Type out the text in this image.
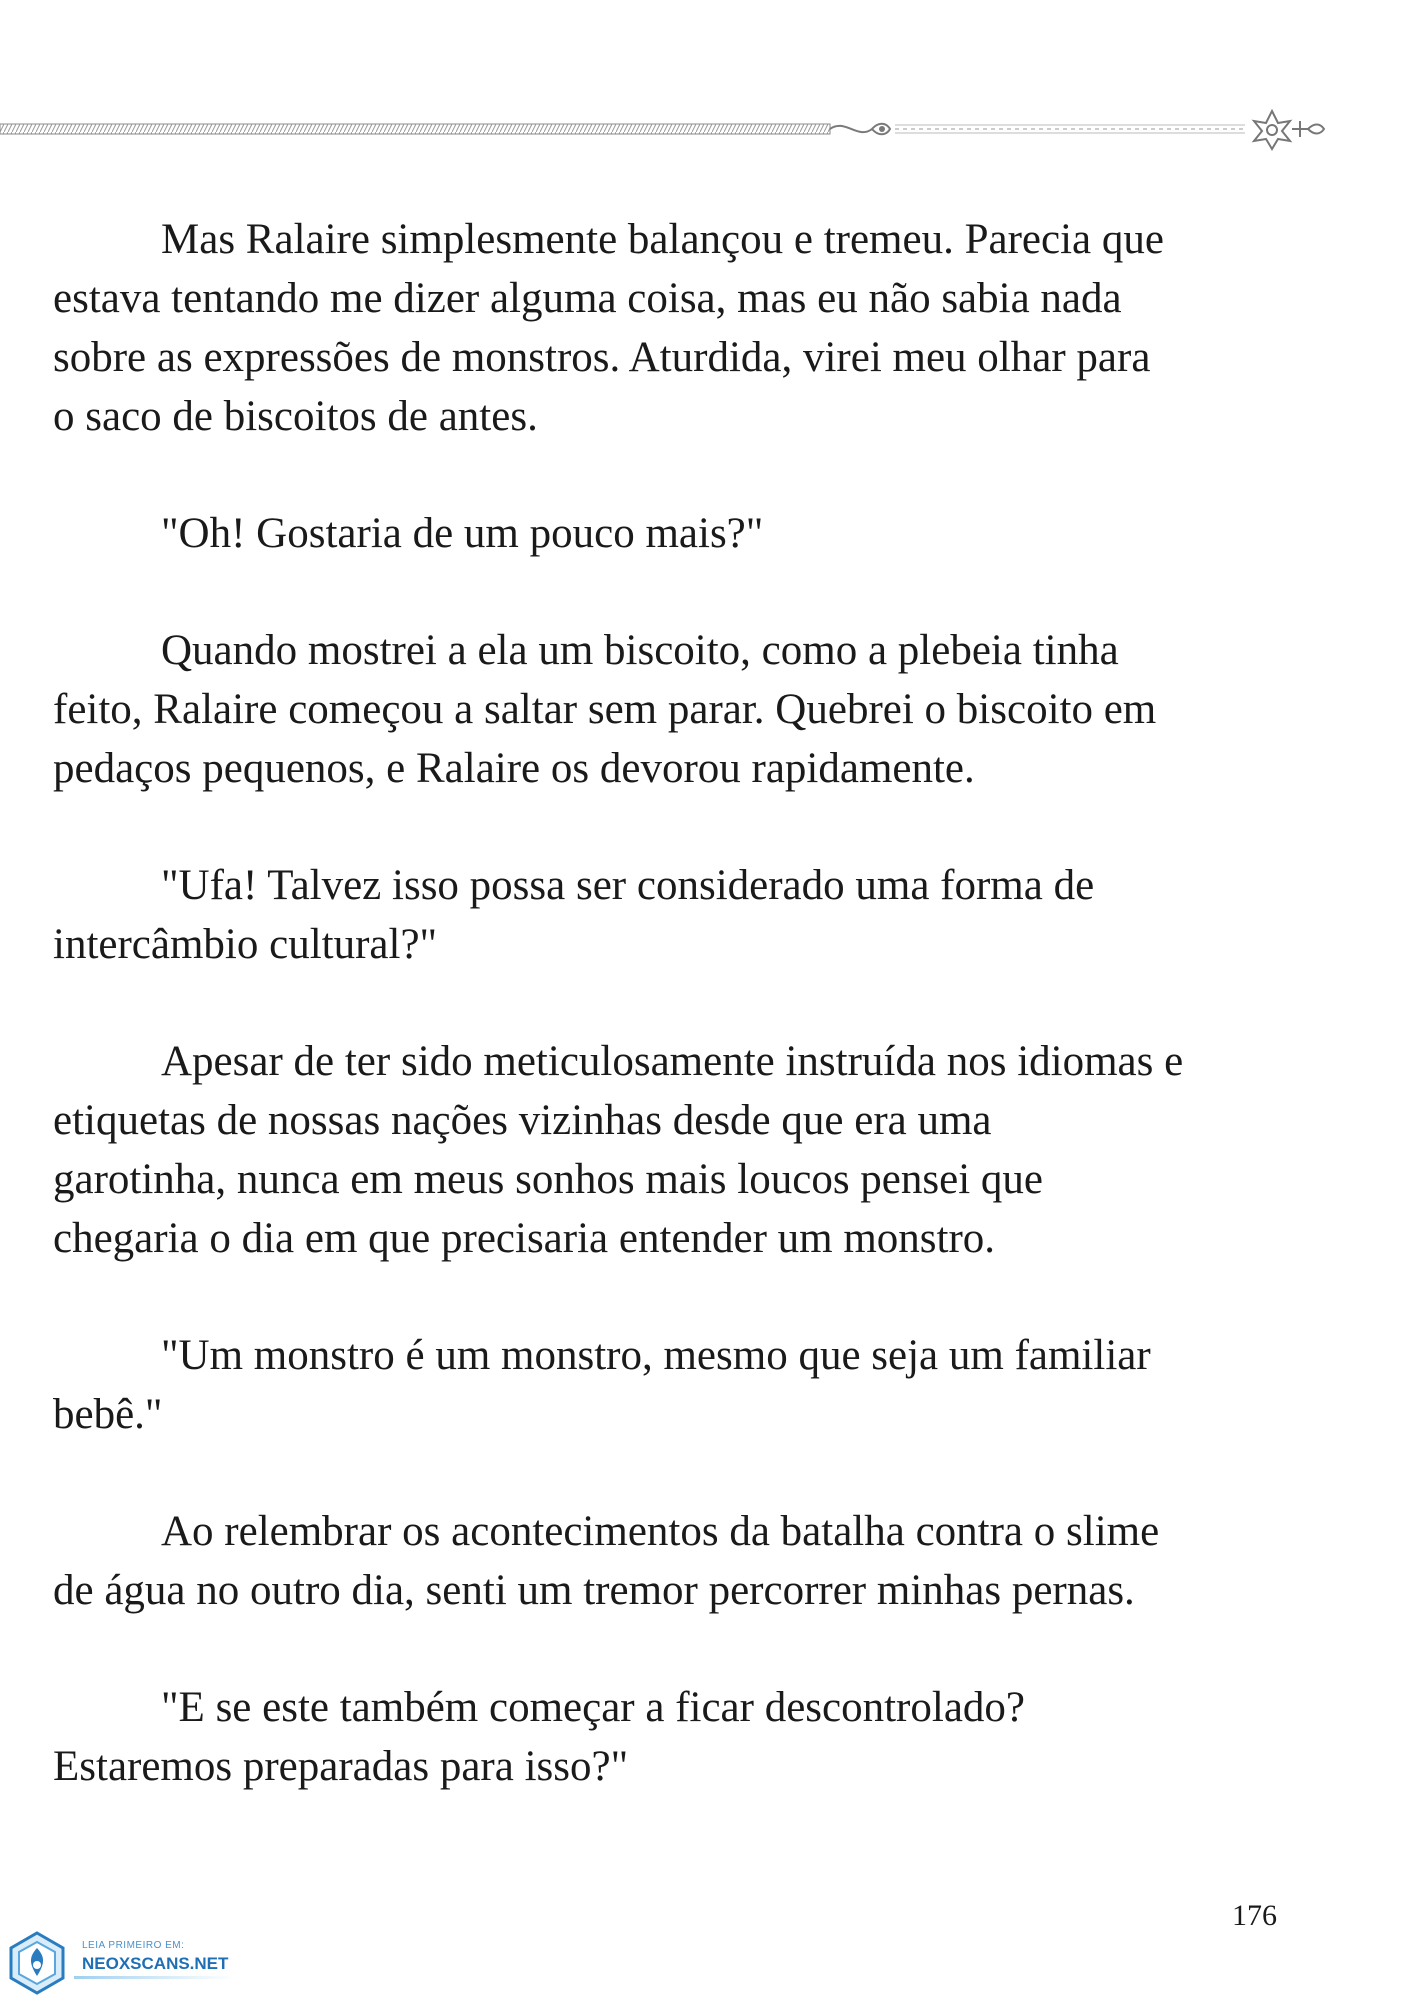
Mas Ralaire simplesmente balançou e tremeu. Parecia que
estava tentando me dizer alguma coisa, mas eu não sabia nada
sobre as expressões de monstros. Aturdida, virei meu olhar para
o saco de biscoitos de antes.

"Oh! Gostaria de um pouco mais?"

Quando mostrei a ela um biscoito, como a plebeia tinha
feito, Ralaire começou a saltar sem parar. Quebrei o biscoito em
pedaços pequenos, e Ralaire os devorou rapidamente.

"Ufa! Talvez isso possa ser considerado uma forma de
intercâmbio cultural?"

Apesar de ter sido meticulosamente instruída nos idiomas e
etiquetas de nossas nações vizinhas desde que era uma
garotinha, nunca em meus sonhos mais loucos pensei que
chegaria o dia em que precisaria entender um monstro.

"Um monstro é um monstro, mesmo que seja um familiar
bebê."

Ao relembrar os acontecimentos da batalha contra o slime
de água no outro dia, senti um tremor percorrer minhas pernas.

"E se este também começar a ficar descontrolado?
Estaremos preparadas para isso?"

176
LEIA PRIMEIRO EM:
NEOXSCANS.NET
